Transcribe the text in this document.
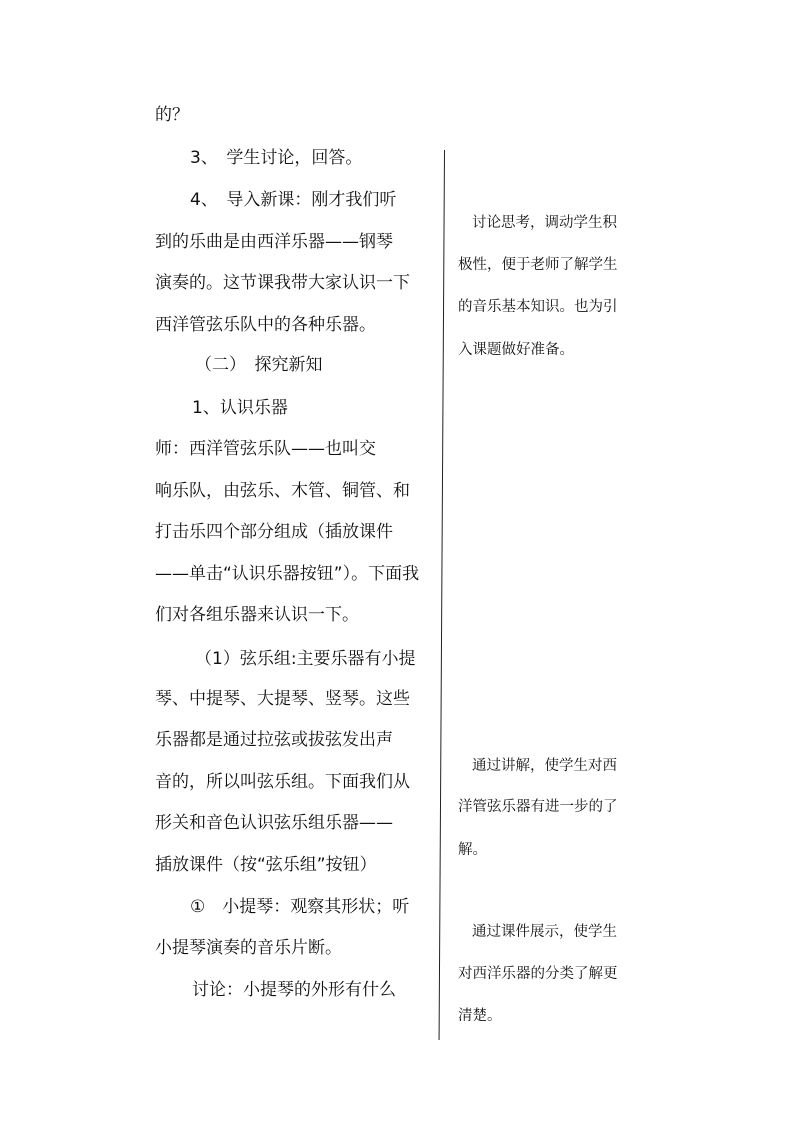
的？
3、　学生讨论，回答。
4、　导入新课：刚才我们听
到的乐曲是由西洋乐器——钢琴
演奏的。这节课我带大家认识一下
西洋管弦乐队中的各种乐器。
（二）　探究新知
1、认识乐器
师：西洋管弦乐队——也叫交
响乐队，由弦乐、木管、铜管、和
打击乐四个部分组成（插放课件
——单击“认识乐器按钮”）。下面我
们对各组乐器来认识一下。
（1）弦乐组:主要乐器有小提
琴、中提琴、大提琴、竖琴。这些
乐器都是通过拉弦或拔弦发出声
音的，所以叫弦乐组。下面我们从
形关和音色认识弦乐组乐器——
插放课件（按“弦乐组”按钮）
①　小提琴：观察其形状；听
小提琴演奏的音乐片断。
讨论：小提琴的外形有什么
讨论思考，调动学生积
极性，便于老师了解学生
的音乐基本知识。也为引
入课题做好准备。
通过讲解，使学生对西
洋管弦乐器有进一步的了
解。
通过课件展示，使学生
对西洋乐器的分类了解更
清楚。
